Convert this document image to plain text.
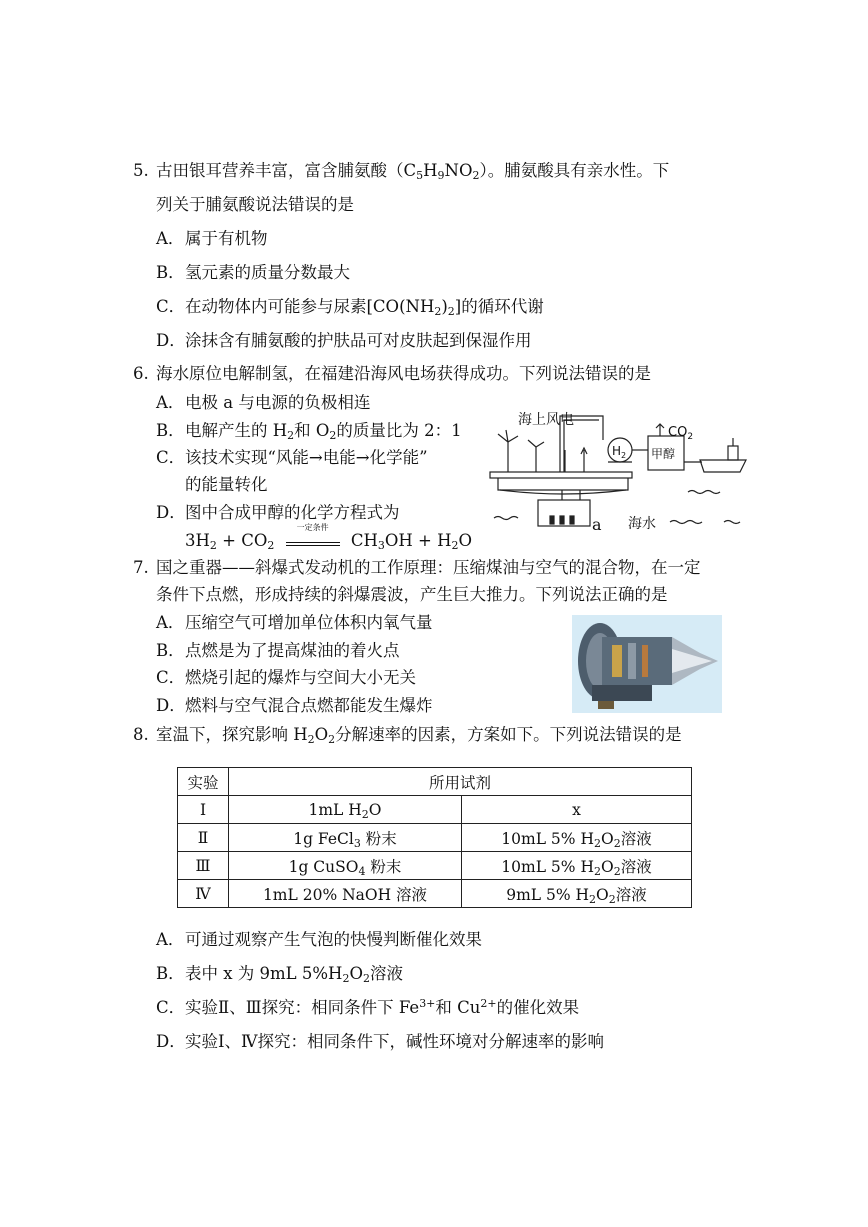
5. 古田银耳营养丰富，富含脯氨酸$(C_5H_9NO_2)$。脯氨酸具有亲水性。下
列关于脯氨酸说法错误的是
A．属于有机物
B．氢元素的质量分数最大
C．在动物体内可能参与尿素$[CO(NH_2)_2]$的循环代谢
D．涂抹含有脯氨酸的护肤品可对皮肤起到保湿作用
6. 海水原位电解制氢，在福建沿海风电场获得成功。下列说法错误的是
A．电极 a 与电源的负极相连
B．电解产生的 $H_2$和 $O_2$的质量比为 2：1
C．该技术实现“风能→电能→化学能”
的能量转化
D．图中合成甲醇的化学方程式为
$3H_2 + CO_2$
一定条件
$CH_3OH + H_2O$
海上风电
$H_2$
$CO_2$
甲醇
海水
a
7. 国之重器——斜爆式发动机的工作原理：压缩煤油与空气的混合物，在一定
条件下点燃，形成持续的斜爆震波，产生巨大推力。下列说法正确的是
A．压缩空气可增加单位体积内氧气量
B．点燃是为了提高煤油的着火点
C．燃烧引起的爆炸与空间大小无关
D．燃料与空气混合点燃都能发生爆炸
8. 室温下，探究影响 $H_2O_2$分解速率的因素，方案如下。下列说法错误的是
实验	所用试剂	
Ⅰ	1mL $H_2O$	x
Ⅱ	1g FeCl$_3$ 粉末	10mL 5% $H_2O_2$溶液
Ⅲ	1g CuSO$_4$ 粉末	10mL 5% $H_2O_2$溶液
Ⅳ	1mL 20% NaOH 溶液	9mL 5% $H_2O_2$溶液
A．可通过观察产生气泡的快慢判断催化效果
B．表中 x 为 9mL $5\%H_2O_2$溶液
C．实验Ⅱ、Ⅲ探究：相同条件下 $Fe^{3+}$和 $Cu^{2+}$的催化效果
D．实验Ⅰ、Ⅳ探究：相同条件下，碱性环境对分解速率的影响
